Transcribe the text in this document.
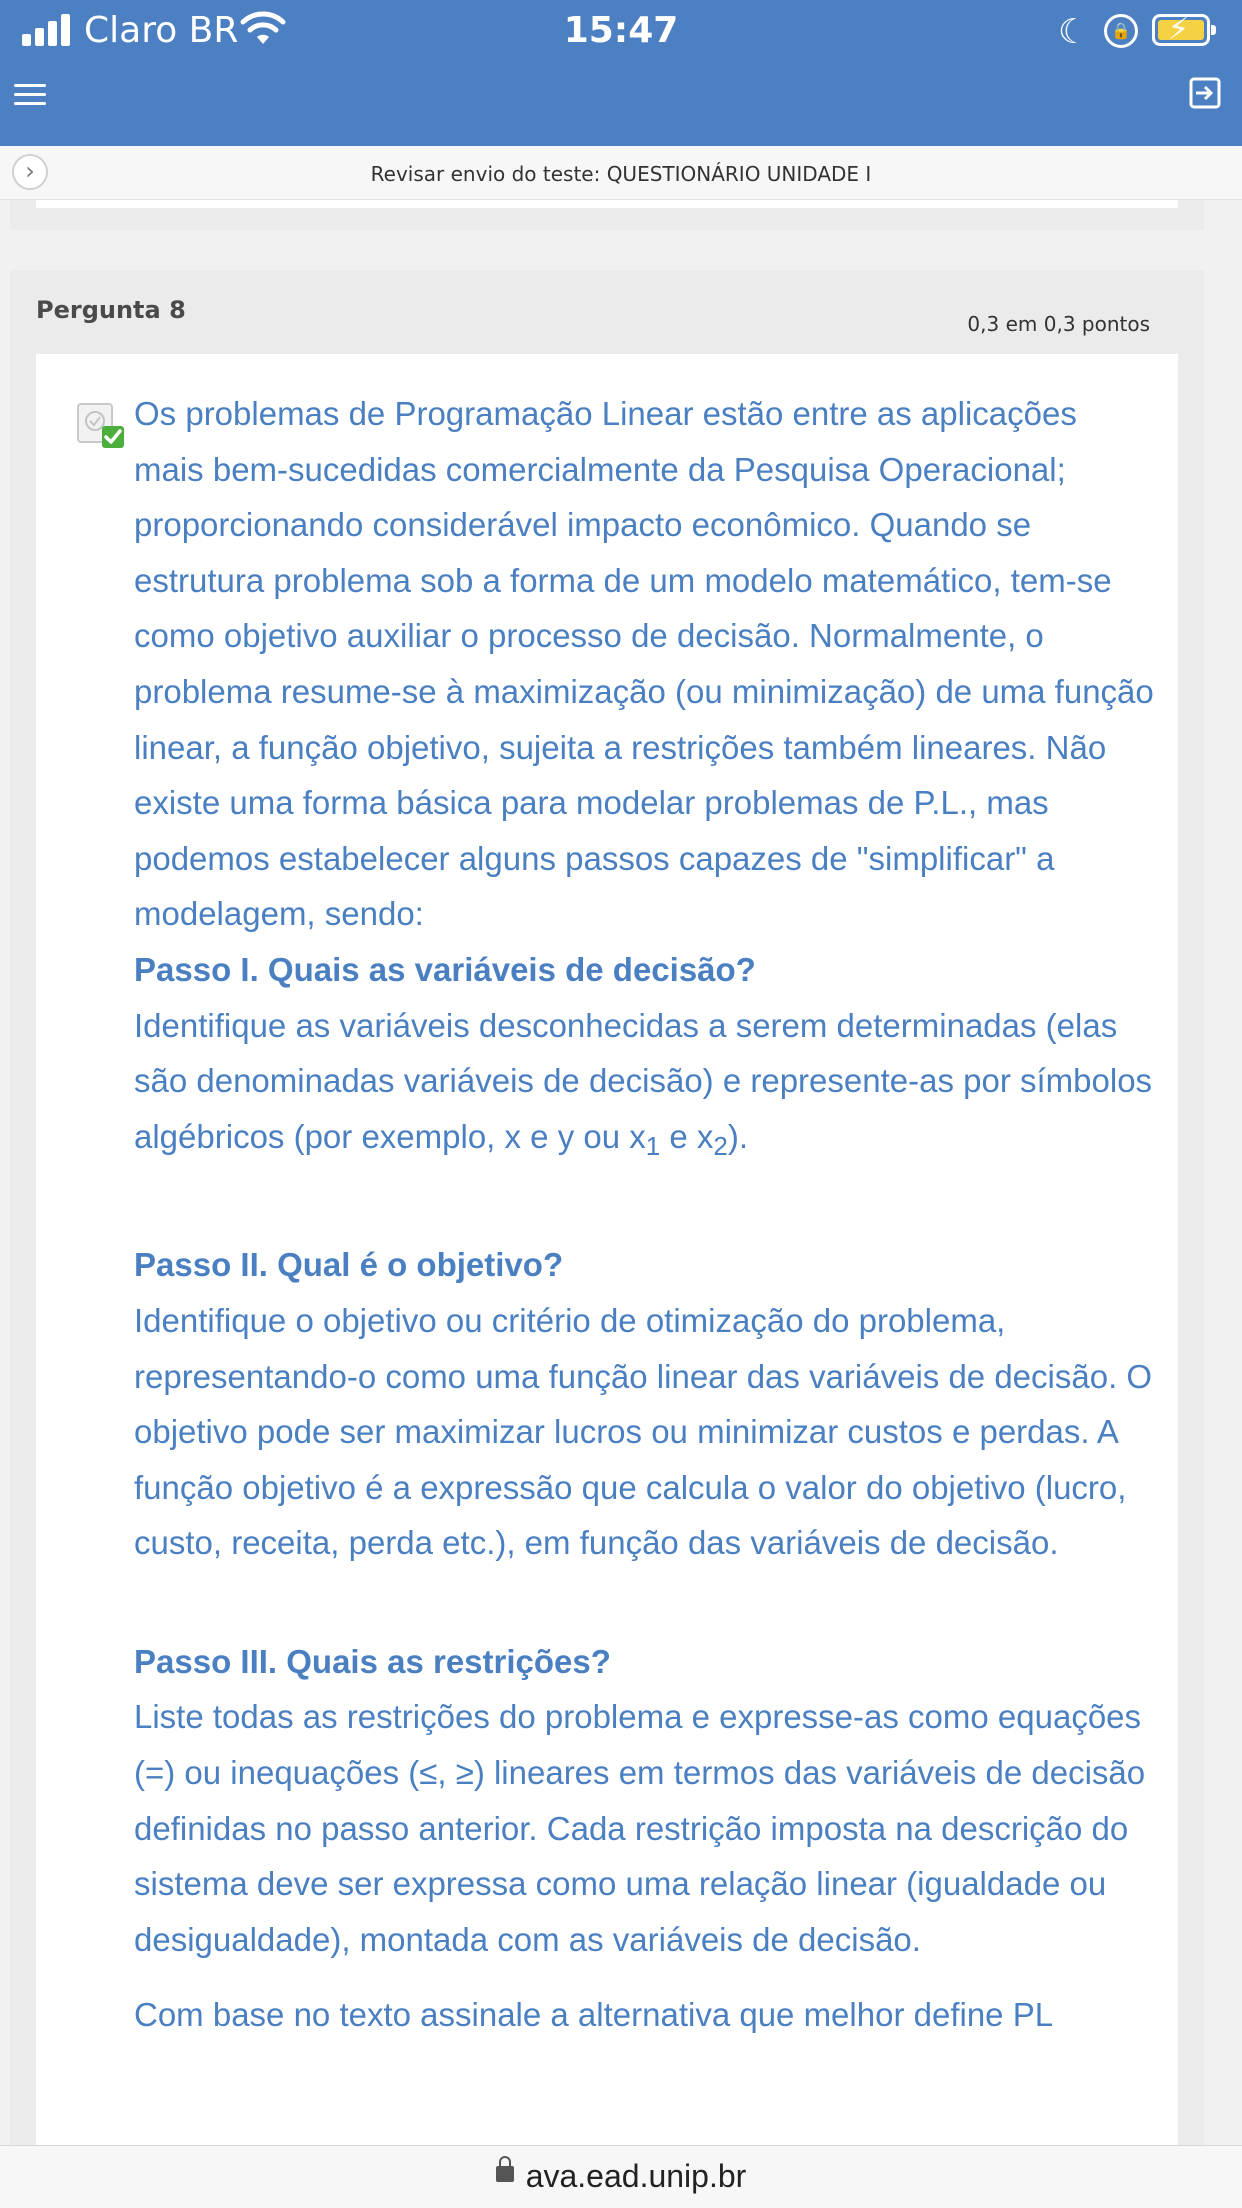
Claro BR	15:47	☾	🔒 ⚡
›	Revisar envio do teste: QUESTIONÁRIO UNIDADE I
Pergunta 8	0,3 em 0,3 pontos

Os problemas de Programação Linear estão entre as aplicações mais bem-sucedidas comercialmente da Pesquisa Operacional; proporcionando considerável impacto econômico. Quando se estrutura problema sob a forma de um modelo matemático, tem-se como objetivo auxiliar o processo de decisão. Normalmente, o problema resume-se à maximização (ou minimização) de uma função linear, a função objetivo, sujeita a restrições também lineares. Não existe uma forma básica para modelar problemas de P.L., mas podemos estabelecer alguns passos capazes de "simplificar" a modelagem, sendo:

Passo I. Quais as variáveis de decisão?

Identifique as variáveis desconhecidas a serem determinadas (elas são denominadas variáveis de decisão) e represente-as por símbolos algébricos (por exemplo, x e y ou $x_1$ e $x_2$).

Passo II. Qual é o objetivo?

Identifique o objetivo ou critério de otimização do problema, representando-o como uma função linear das variáveis de decisão. O objetivo pode ser maximizar lucros ou minimizar custos e perdas. A função objetivo é a expressão que calcula o valor do objetivo (lucro, custo, receita, perda etc.), em função das variáveis de decisão.

Passo III. Quais as restrições?

Liste todas as restrições do problema e expresse-as como equações (=) ou inequações (≤, ≥) lineares em termos das variáveis de decisão definidas no passo anterior. Cada restrição imposta na descrição do sistema deve ser expressa como uma relação linear (igualdade ou desigualdade), montada com as variáveis de decisão.

Com base no texto assinale a alternativa que melhor define PL

ava.ead.unip.br
